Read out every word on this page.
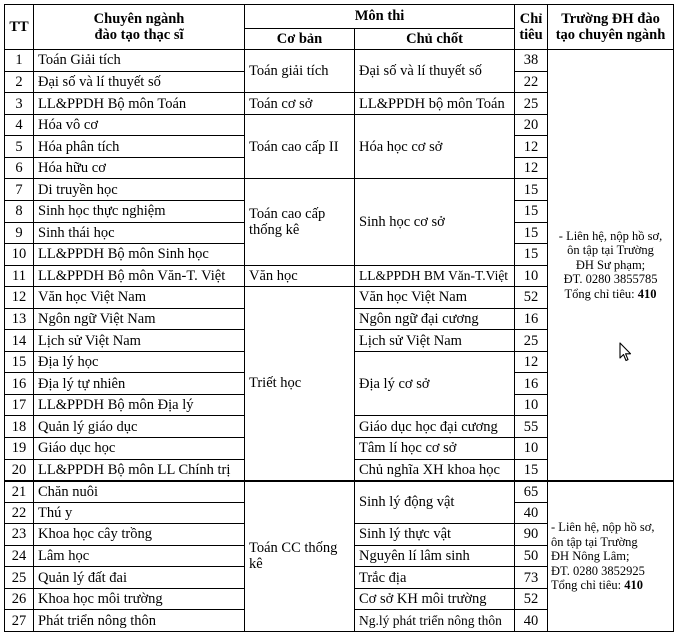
TT	Chuyên ngành
đào tạo thạc sĩ	Môn thi		Chỉ
tiêu	Trường ĐH đào
tạo chuyên ngành
		Cơ bản	Chủ chốt		
1	Toán Giải tích	Toán giải tích	Đại số và lí thuyết số	38	- Liên hệ, nộp hồ sơ,
ôn tập tại Trường
ĐH Sư phạm;
ĐT. 0280 3855785
Tổng chỉ tiêu: 410
2	Đại số và lí thuyết số			22	
3	LL&PPDH Bộ môn Toán	Toán cơ sở	LL&PPDH bộ môn Toán	25	
4	Hóa vô cơ	Toán cao cấp II	Hóa học cơ sở	20	
5	Hóa phân tích			12	
6	Hóa hữu cơ			12	
7	Di truyền học	Toán cao cấp thống kê	Sinh học cơ sở	15	
8	Sinh học thực nghiệm			15	
9	Sinh thái học			15	
10	LL&PPDH Bộ môn Sinh học			15	
11	LL&PPDH Bộ môn Văn-T. Việt	Văn học	LL&PPDH BM Văn-T.Việt	10	
12	Văn học Việt Nam	Triết học	Văn học Việt Nam	52	
13	Ngôn ngữ Việt Nam		Ngôn ngữ đại cương	16	
14	Lịch sử Việt Nam		Lịch sử Việt Nam	25	
15	Địa lý học		Địa lý cơ sở	12	
16	Địa lý tự nhiên			16	
17	LL&PPDH Bộ môn Địa lý			10	
18	Quản lý giáo dục		Giáo dục học đại cương	55	
19	Giáo dục học		Tâm lí học cơ sở	10	
20	LL&PPDH Bộ môn LL Chính trị		Chủ nghĩa XH khoa học	15	
21	Chăn nuôi	Toán CC thống kê	Sinh lý động vật	65	- Liên hệ, nộp hồ sơ,
ôn tập tại Trường
ĐH Nông Lâm;
ĐT. 0280 3852925
Tổng chỉ tiêu: 410
22	Thú y			40	
23	Khoa học cây trồng		Sinh lý thực vật	90	
24	Lâm học		Nguyên lí lâm sinh	50	
25	Quản lý đất đai		Trắc địa	73	
26	Khoa học môi trường		Cơ sở KH môi trường	52	
27	Phát triển nông thôn		Ng.lý phát triển nông thôn	40	
